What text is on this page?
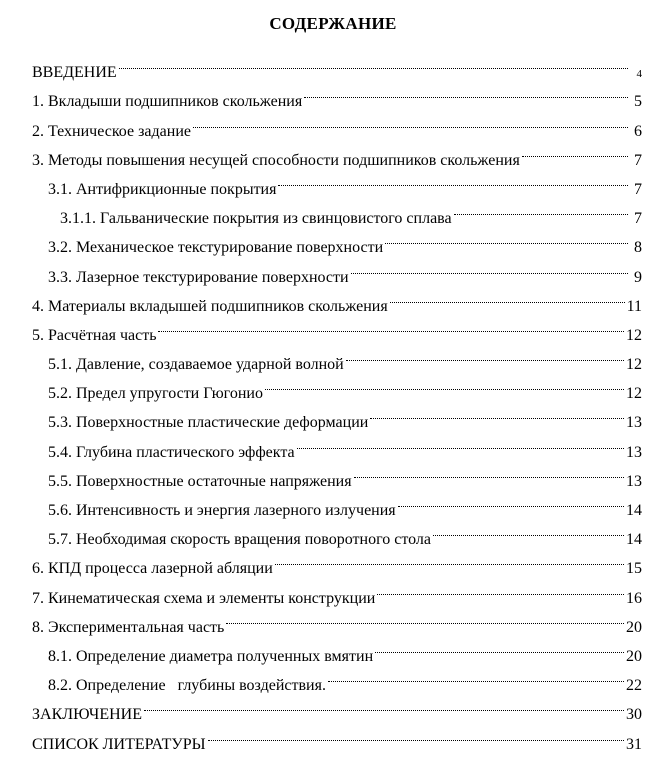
СОДЕРЖАНИЕ
ВВЕДЕНИЕ	4
1. Вкладыши подшипников скольжения	5
2. Техническое задание	6
3. Методы повышения несущей способности подшипников скольжения	7
3.1. Антифрикционные покрытия	7
3.1.1. Гальванические покрытия из свинцовистого сплава	7
3.2. Механическое текстурирование поверхности	8
3.3. Лазерное текстурирование поверхности	9
4. Материалы вкладышей подшипников скольжения	11
5. Расчётная часть	12
5.1. Давление, создаваемое ударной волной	12
5.2. Предел упругости Гюгонио	12
5.3. Поверхностные пластические деформации	13
5.4. Глубина пластического эффекта	13
5.5. Поверхностные остаточные напряжения	13
5.6. Интенсивность и энергия лазерного излучения	14
5.7. Необходимая скорость вращения поворотного стола	14
6. КПД процесса лазерной абляции	15
7. Кинематическая схема и элементы конструкции	16
8. Экспериментальная часть	20
8.1. Определение диаметра полученных вмятин	20
8.2. Определение   глубины воздействия.	22
ЗАКЛЮЧЕНИЕ	30
СПИСОК ЛИТЕРАТУРЫ	31
